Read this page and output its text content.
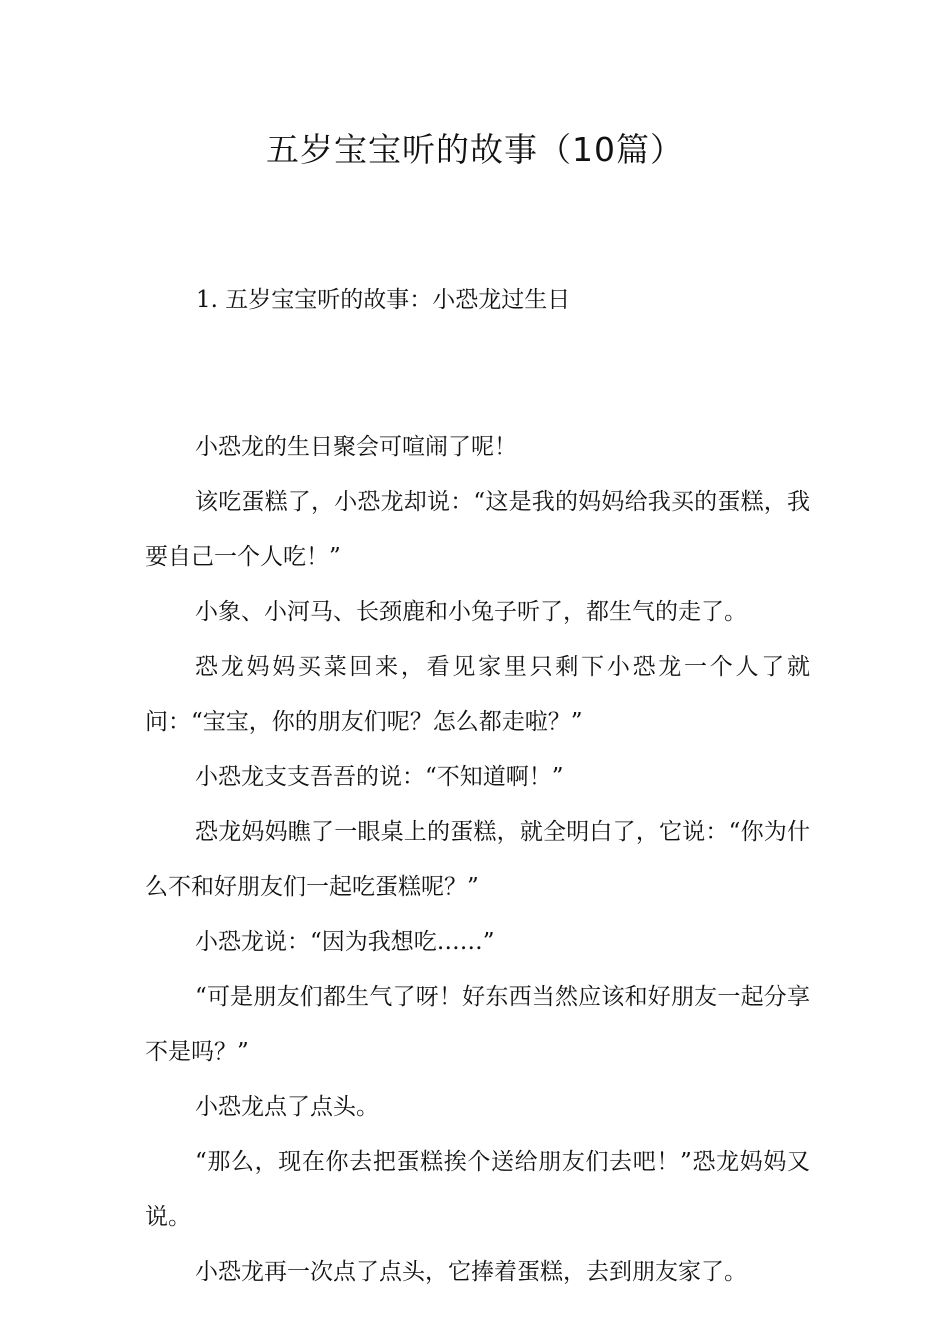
五岁宝宝听的故事（10篇）
1. 五岁宝宝听的故事：小恐龙过生日

小恐龙的生日聚会可喧闹了呢！

该吃蛋糕了，小恐龙却说：“这是我的妈妈给我买的蛋糕，我要自己一个人吃！”

小象、小河马、长颈鹿和小兔子听了，都生气的走了。

恐龙妈妈买菜回来，看见家里只剩下小恐龙一个人了就问：“宝宝，你的朋友们呢？怎么都走啦？”

小恐龙支支吾吾的说：“不知道啊！”

恐龙妈妈瞧了一眼桌上的蛋糕，就全明白了，它说：“你为什么不和好朋友们一起吃蛋糕呢？”

小恐龙说：“因为我想吃……”

“可是朋友们都生气了呀！好东西当然应该和好朋友一起分享不是吗？”

小恐龙点了点头。

“那么，现在你去把蛋糕挨个送给朋友们去吧！”恐龙妈妈又说。

小恐龙再一次点了点头，它捧着蛋糕，去到朋友家了。
